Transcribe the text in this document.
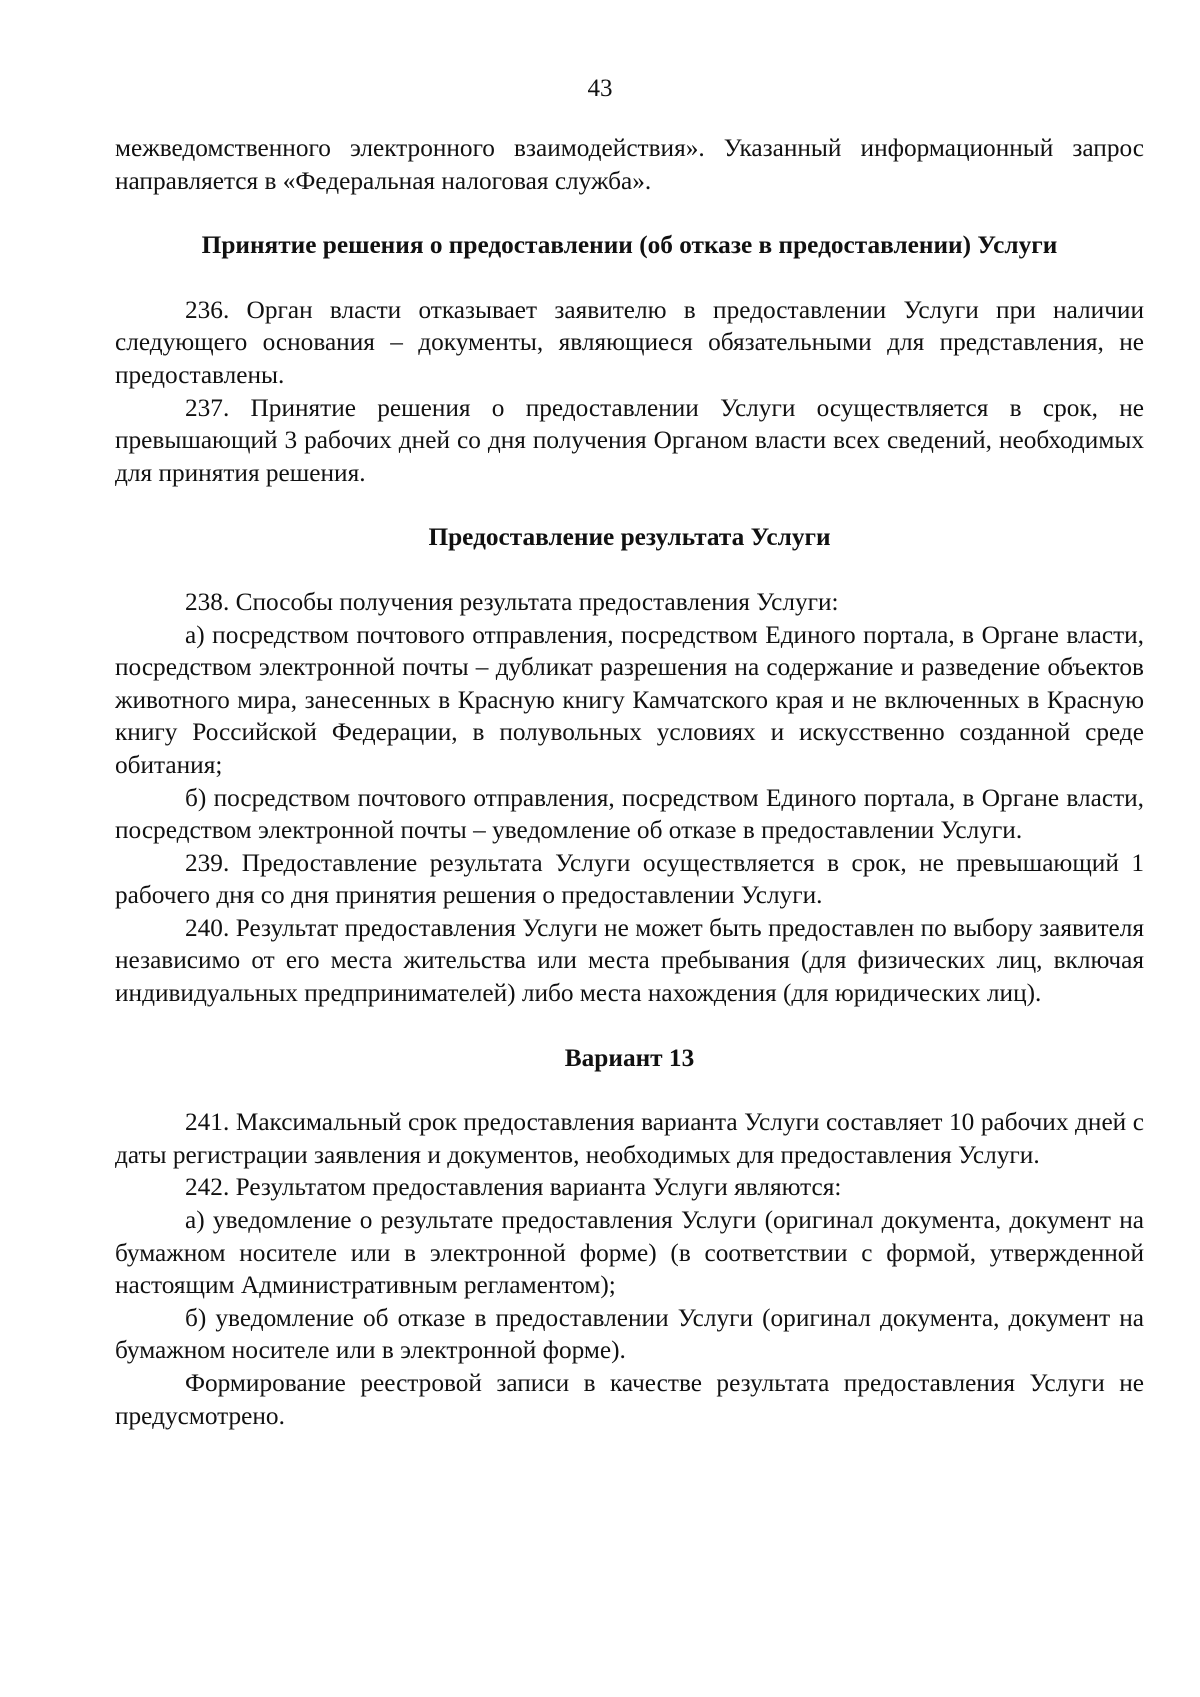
43

межведомственного электронного взаимодействия». Указанный информационный запрос направляется в «Федеральная налоговая служба».

Принятие решения о предоставлении (об отказе в предоставлении) Услуги

236. Орган власти отказывает заявителю в предоставлении Услуги при наличии следующего основания – документы, являющиеся обязательными для представления, не предоставлены.

237. Принятие решения о предоставлении Услуги осуществляется в срок, не превышающий 3 рабочих дней со дня получения Органом власти всех сведений, необходимых для принятия решения.

Предоставление результата Услуги

238. Способы получения результата предоставления Услуги:

а) посредством почтового отправления, посредством Единого портала, в Органе власти, посредством электронной почты – дубликат разрешения на содержание и разведение объектов животного мира, занесенных в Красную книгу Камчатского края и не включенных в Красную книгу Российской Федерации, в полувольных условиях и искусственно созданной среде обитания;

б) посредством почтового отправления, посредством Единого портала, в Органе власти, посредством электронной почты – уведомление об отказе в предоставлении Услуги.

239. Предоставление результата Услуги осуществляется в срок, не превышающий 1 рабочего дня со дня принятия решения о предоставлении Услуги.

240. Результат предоставления Услуги не может быть предоставлен по выбору заявителя независимо от его места жительства или места пребывания (для физических лиц, включая индивидуальных предпринимателей) либо места нахождения (для юридических лиц).

Вариант 13

241. Максимальный срок предоставления варианта Услуги составляет 10 рабочих дней с даты регистрации заявления и документов, необходимых для предоставления Услуги.

242. Результатом предоставления варианта Услуги являются:

а) уведомление о результате предоставления Услуги (оригинал документа, документ на бумажном носителе или в электронной форме) (в соответствии с формой, утвержденной настоящим Административным регламентом);

б) уведомление об отказе в предоставлении Услуги (оригинал документа, документ на бумажном носителе или в электронной форме).

Формирование реестровой записи в качестве результата предоставления Услуги не предусмотрено.
